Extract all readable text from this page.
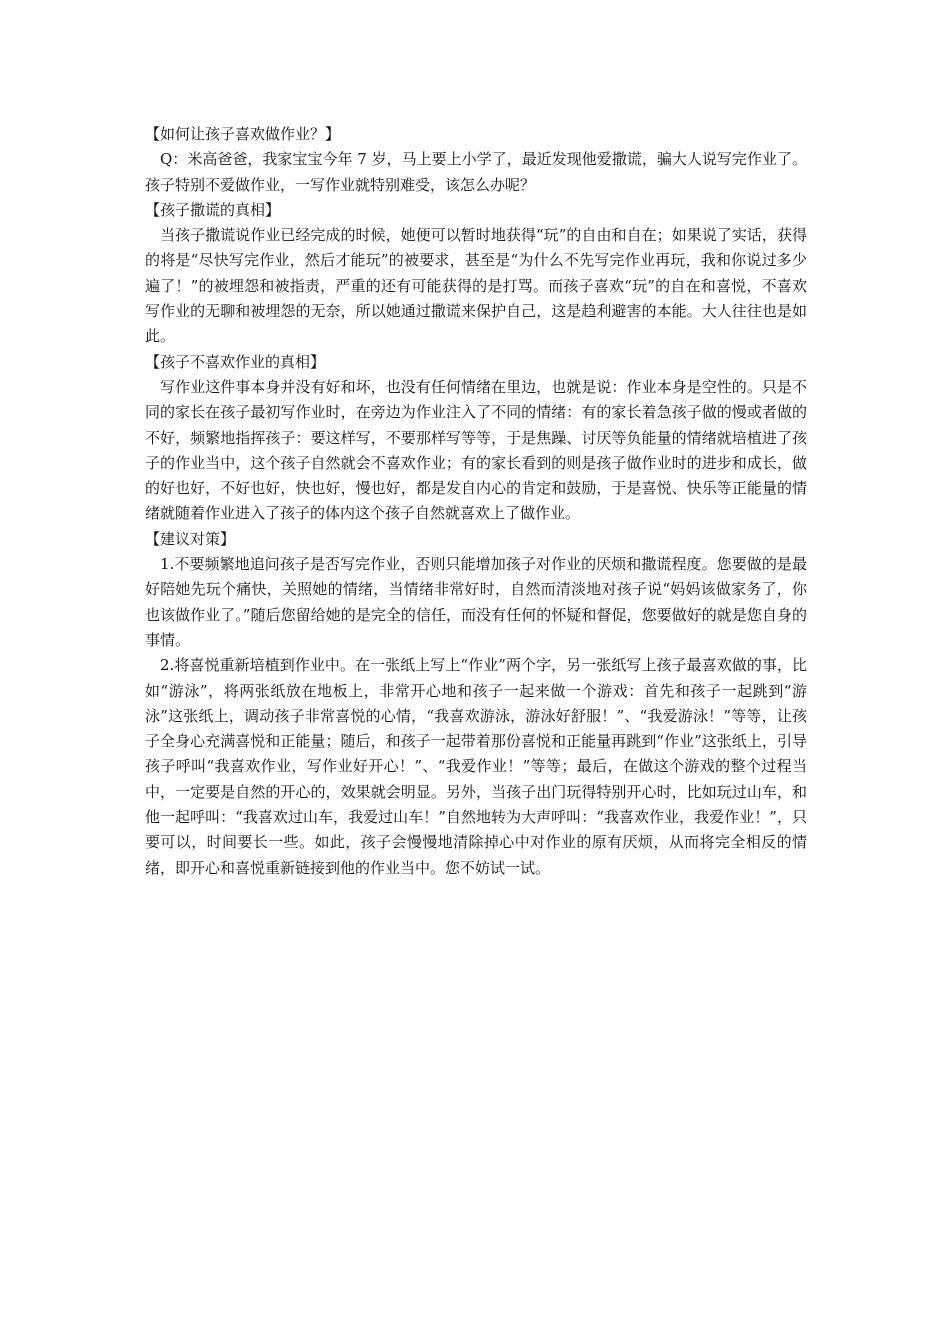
【如何让孩子喜欢做作业？】

Q：米高爸爸，我家宝宝今年 7 岁，马上要上小学了，最近发现他爱撒谎，骗大人说写完作业了。孩子特别不爱做作业，一写作业就特别难受，该怎么办呢？

【孩子撒谎的真相】

当孩子撒谎说作业已经完成的时候，她便可以暂时地获得“玩”的自由和自在；如果说了实话，获得的将是“尽快写完作业，然后才能玩”的被要求，甚至是“为什么不先写完作业再玩，我和你说过多少遍了！”的被埋怨和被指责，严重的还有可能获得的是打骂。而孩子喜欢“玩”的自在和喜悦，不喜欢写作业的无聊和被埋怨的无奈，所以她通过撒谎来保护自己，这是趋利避害的本能。大人往往也是如此。

【孩子不喜欢作业的真相】

写作业这件事本身并没有好和坏，也没有任何情绪在里边，也就是说：作业本身是空性的。只是不同的家长在孩子最初写作业时，在旁边为作业注入了不同的情绪：有的家长着急孩子做的慢或者做的不好，频繁地指挥孩子：要这样写，不要那样写等等，于是焦躁、讨厌等负能量的情绪就培植进了孩子的作业当中，这个孩子自然就会不喜欢作业；有的家长看到的则是孩子做作业时的进步和成长，做的好也好，不好也好，快也好，慢也好，都是发自内心的肯定和鼓励，于是喜悦、快乐等正能量的情绪就随着作业进入了孩子的体内这个孩子自然就喜欢上了做作业。

【建议对策】

1.不要频繁地追问孩子是否写完作业，否则只能增加孩子对作业的厌烦和撒谎程度。您要做的是最好陪她先玩个痛快，关照她的情绪，当情绪非常好时，自然而清淡地对孩子说“妈妈该做家务了，你也该做作业了。”随后您留给她的是完全的信任，而没有任何的怀疑和督促，您要做好的就是您自身的事情。

2.将喜悦重新培植到作业中。在一张纸上写上“作业”两个字，另一张纸写上孩子最喜欢做的事，比如“游泳”，将两张纸放在地板上，非常开心地和孩子一起来做一个游戏：首先和孩子一起跳到“游泳”这张纸上，调动孩子非常喜悦的心情，“我喜欢游泳，游泳好舒服！”、“我爱游泳！”等等，让孩子全身心充满喜悦和正能量；随后，和孩子一起带着那份喜悦和正能量再跳到“作业”这张纸上，引导孩子呼叫“我喜欢作业，写作业好开心！”、“我爱作业！”等等；最后，在做这个游戏的整个过程当中，一定要是自然的开心的，效果就会明显。另外，当孩子出门玩得特别开心时，比如玩过山车，和他一起呼叫：“我喜欢过山车，我爱过山车！”自然地转为大声呼叫：“我喜欢作业，我爱作业！”，只要可以，时间要长一些。如此，孩子会慢慢地清除掉心中对作业的原有厌烦，从而将完全相反的情绪，即开心和喜悦重新链接到他的作业当中。您不妨试一试。
